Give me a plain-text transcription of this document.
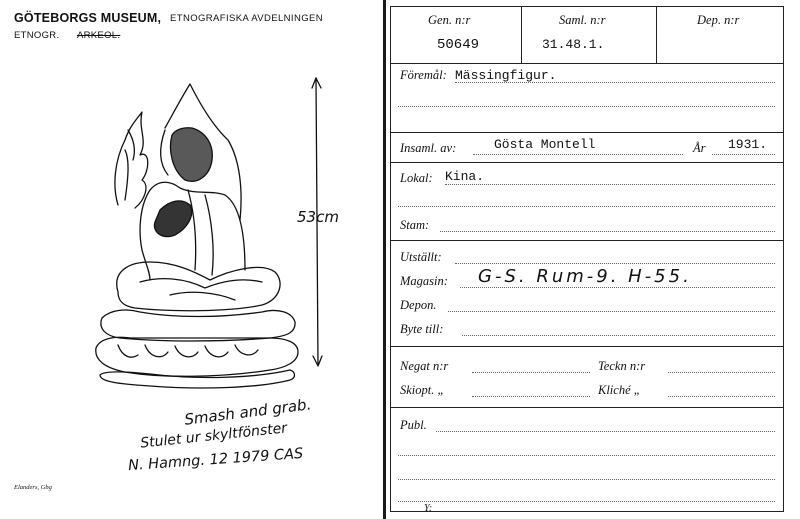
GÖTEBORGS MUSEUM, ETNOGRAFISKA AVDELNINGEN
ETNOGR. ARKEOL.
53cm
Smash and grab.
Stulet ur skyltfönster
N. Hamng. 12 1979 CAS
Elanders, Gbg
Gen. n:r
50649
Saml. n:r
31.48.1.
Dep. n:r
Föremål: Mässingfigur.
Insaml. av:	Gösta Montell	År 1931.
Lokal: Kina.
Stam:
Utställt:
Magasin: G-S. Rum-9. H-55.
Depon.
Byte till:
Negat n:r	Teckn n:r
Skiopt. „	Kliché „
Publ.
Y:
